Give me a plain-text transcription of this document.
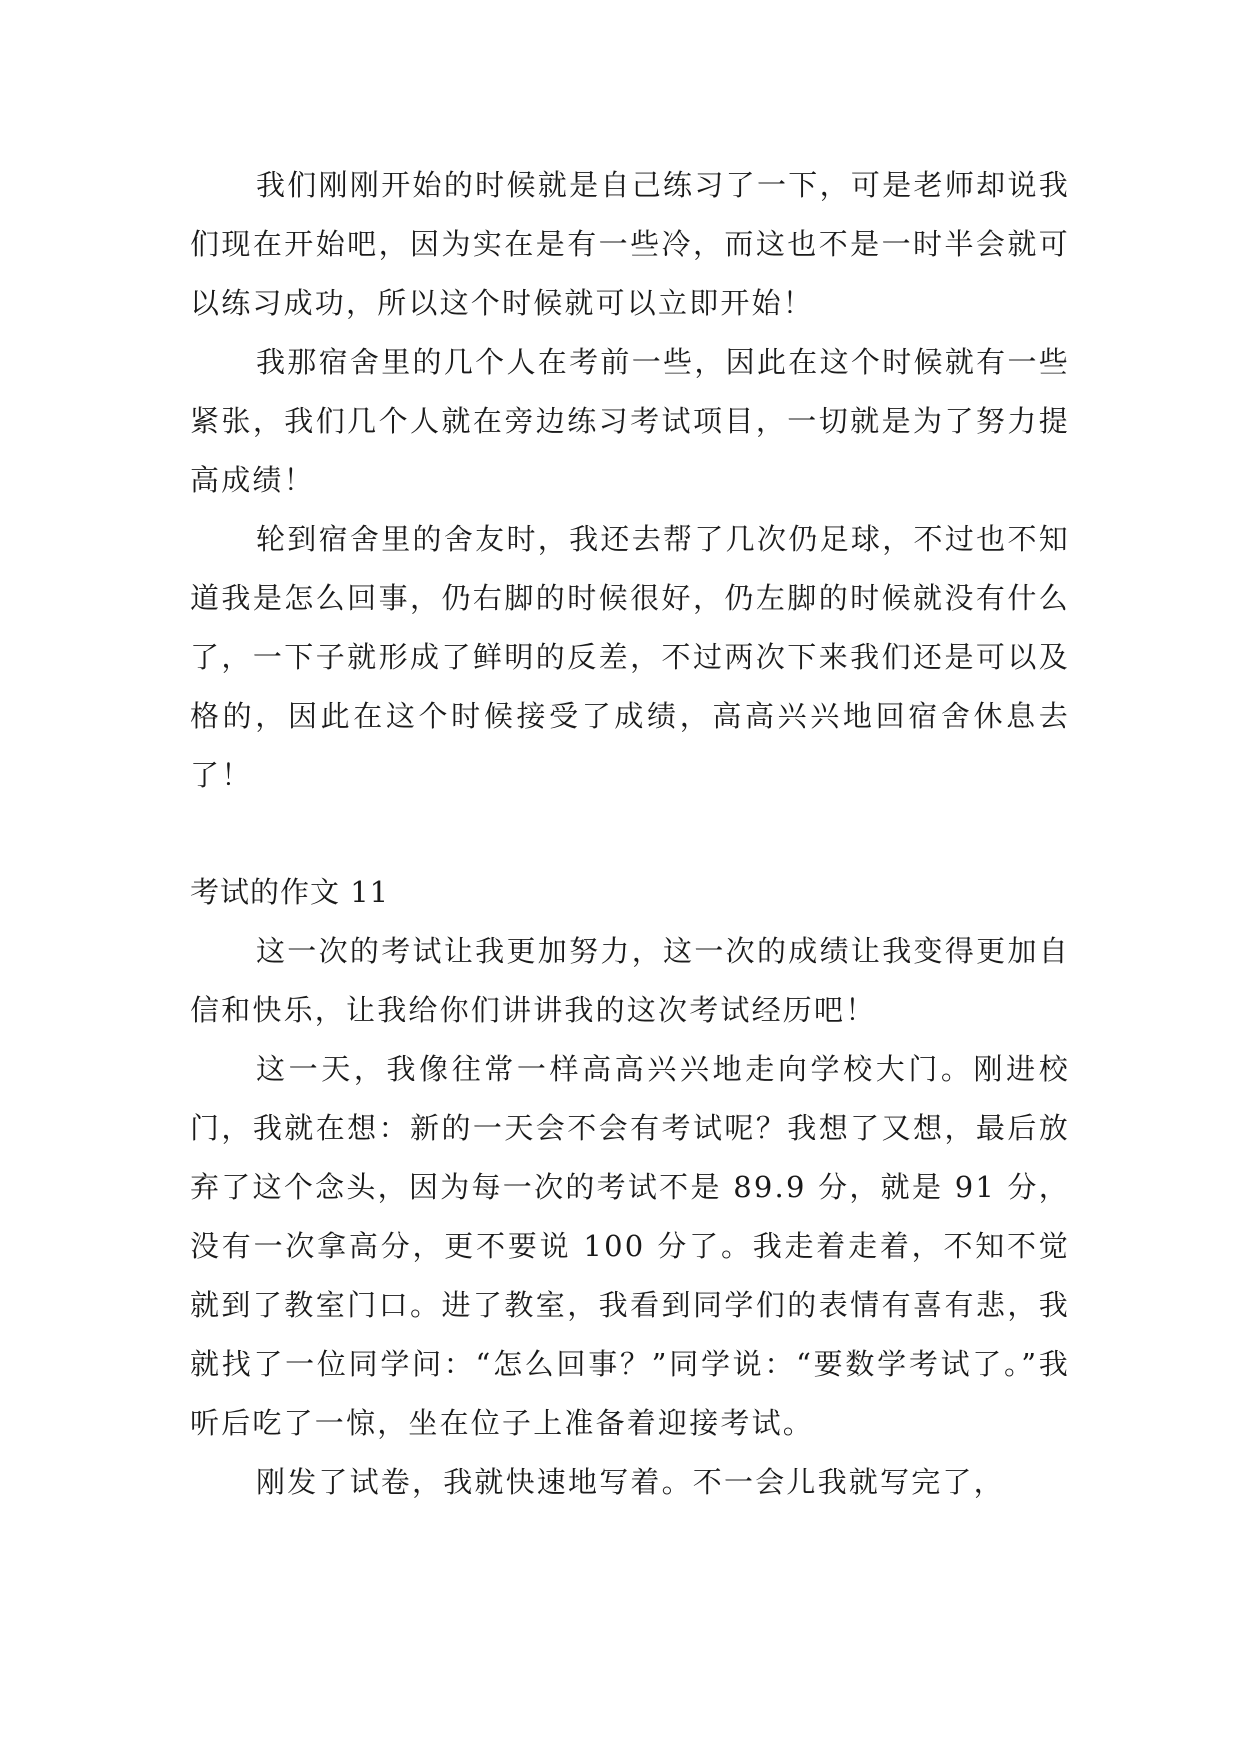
我们刚刚开始的时候就是自己练习了一下，可是老师却说我们现在开始吧，因为实在是有一些冷，而这也不是一时半会就可以练习成功，所以这个时候就可以立即开始！

我那宿舍里的几个人在考前一些，因此在这个时候就有一些紧张，我们几个人就在旁边练习考试项目，一切就是为了努力提高成绩！

轮到宿舍里的舍友时，我还去帮了几次仍足球，不过也不知道我是怎么回事，仍右脚的时候很好，仍左脚的时候就没有什么了，一下子就形成了鲜明的反差，不过两次下来我们还是可以及格的，因此在这个时候接受了成绩，高高兴兴地回宿舍休息去了！

考试的作文 11

这一次的考试让我更加努力，这一次的成绩让我变得更加自信和快乐，让我给你们讲讲我的这次考试经历吧！

这一天，我像往常一样高高兴兴地走向学校大门。刚进校门，我就在想：新的一天会不会有考试呢？我想了又想，最后放弃了这个念头，因为每一次的考试不是 89.9 分，就是 91 分，没有一次拿高分，更不要说 100 分了。我走着走着，不知不觉就到了教室门口。进了教室，我看到同学们的表情有喜有悲，我就找了一位同学问：“怎么回事？”同学说：“要数学考试了。”我听后吃了一惊，坐在位子上准备着迎接考试。

刚发了试卷，我就快速地写着。不一会儿我就写完了，
